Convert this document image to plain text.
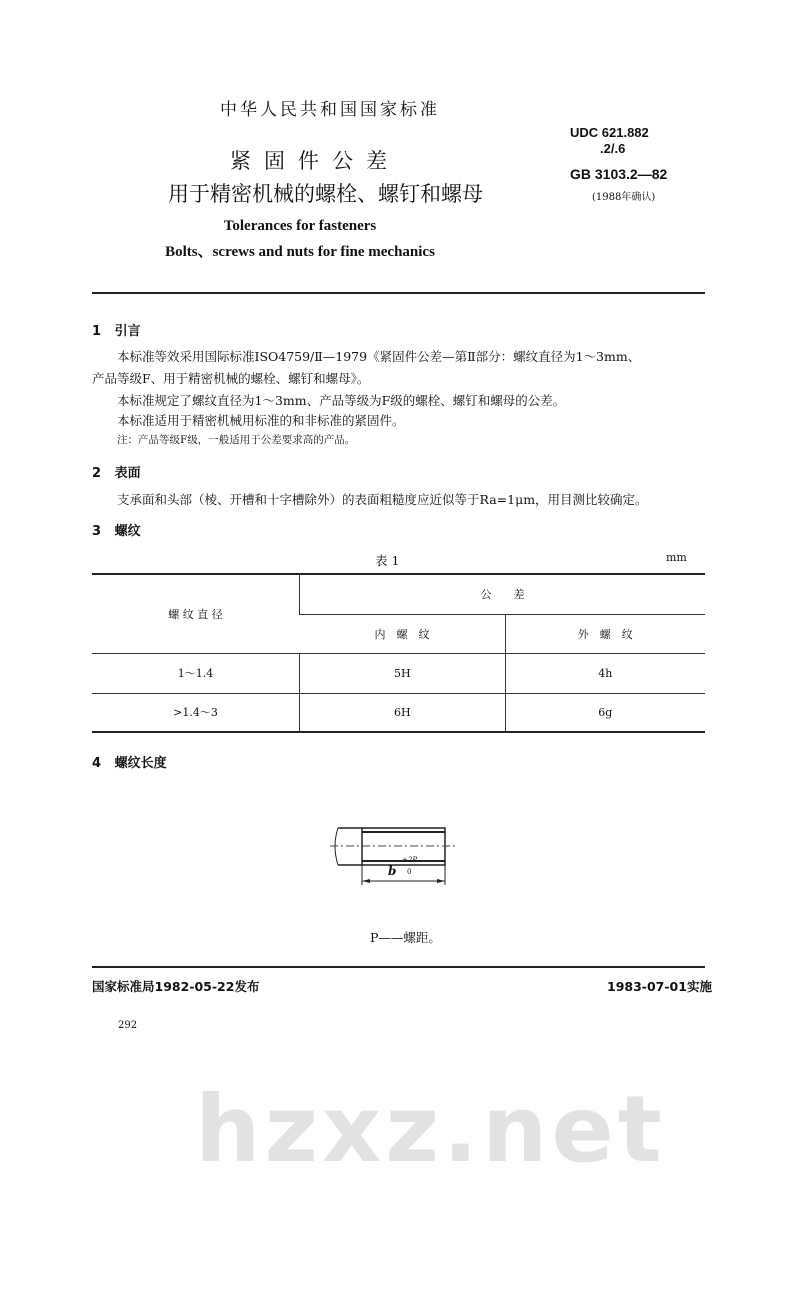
hzxz.net
中华人民共和国国家标准
紧固件公差
用于精密机械的螺栓、螺钉和螺母
Tolerances for fasteners
Bolts、screws and nuts for fine mechanics
UDC 621.882
.2/.6
GB 3103.2—82
(1988年确认)
1 引言
本标准等效采用国际标准ISO4759/Ⅱ—1979《紧固件公差—第Ⅱ部分：螺纹直径为1～3mm、
产品等级F、用于精密机械的螺栓、螺钉和螺母》。
本标准规定了螺纹直径为1～3mm、产品等级为F级的螺栓、螺钉和螺母的公差。
本标准适用于精密机械用标准的和非标准的紧固件。
注：产品等级F级，一般适用于公差要求高的产品。
2 表面
支承面和头部（棱、开槽和十字槽除外）的表面粗糙度应近似等于Ra=1μm，用目测比较确定。
3 螺纹
表 1	mm
螺 纹 直 径	公　　差	
	内　螺　纹	外　螺　纹
1～1.4	5H	4h
>1.4～3	6H	6g
4 螺纹长度
b
+2P
0
P——螺距。
国家标准局1982-05-22发布	1983-07-01实施
292
